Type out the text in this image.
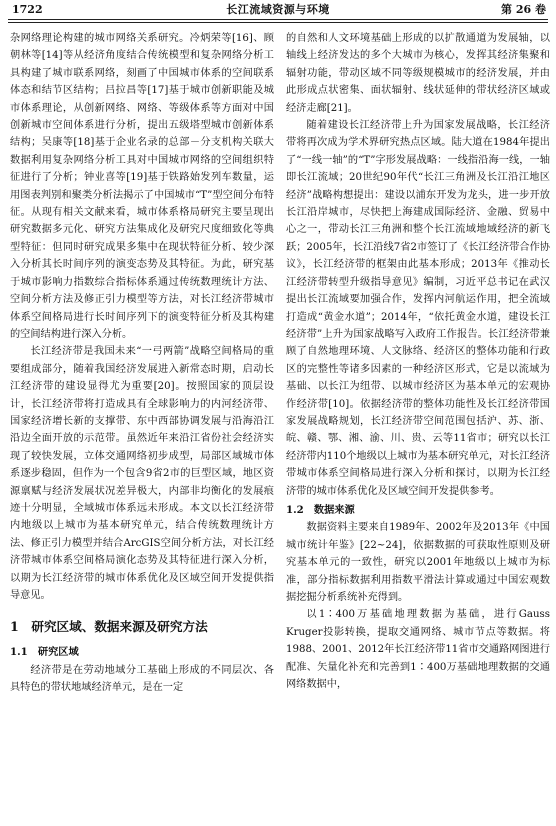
1722	长江流域资源与环境	第 26 卷

杂网络理论构建的城市网络关系研究。冷炳荣等[16]、顾朝林等[14]等从经济角度结合传统模型和复杂网络分析工具构建了城市联系网络，刻画了中国城市体系的空间联系体态和结节区结构；吕拉昌等[17]基于城市创新职能及城市体系理论，从创新网络、网络、等级体系等方面对中国创新城市空间体系进行分析，提出五级塔型城市创新体系结构；吴康等[18]基于企业名录的总部－分支机构关联大数据利用复杂网络分析工具对中国城市网络的空间组织特征进行了分析；钟业喜等[19]基于铁路始发列车数量，运用图表判别和聚类分析法揭示了中国城市“T”型空间分布特征。从现有相关文献来看，城市体系格局研究主要呈现出研究数据多元化、研究方法集成化及研究尺度细致化等典型特征：但同时研究成果多集中在现状特征分析、较少深入分析其长时间序列的演变态势及其特征。为此，研究基于城市影响力指数综合指标体系通过传统数理统计方法、空间分析方法及修正引力模型等方法，对长江经济带城市体系空间格局进行长时间序列下的演变特征分析及其构建的空间结构进行深入分析。

长江经济带是我国未来“一弓两箭”战略空间格局的重要组成部分，随着我国经济发展进入新常态时期，启动长江经济带的建设显得尤为重要[20]。按照国家的顶层设计，长江经济带将打造成具有全球影响力的内河经济带、国家经济增长新的支撑带、东中西部协调发展与沿海沿江沿边全面开放的示范带。虽然近年来沿江省份社会经济实现了较快发展，立体交通网络初步成型，局部区域城市体系逐步稳固，但作为一个包含9省2市的巨型区域，地区资源禀赋与经济发展状况差异极大，内部非均衡化的发展痕迹十分明显，全域城市体系远未形成。本文以长江经济带内地级以上城市为基本研究单元，结合传统数理统计方法、修正引力模型并结合ArcGIS空间分析方法，对长江经济带城市体系空间格局演化态势及其特征进行深入分析，以期为长江经济带的城市体系优化及区域空间开发提供指导意见。

1　研究区域、数据来源及研究方法

1.1　研究区域

经济带是在劳动地域分工基础上形成的不同层次、各具特色的带状地域经济单元，是在一定

的自然和人文环境基础上形成的以扩散通道为发展轴，以轴线上经济发达的多个大城市为核心，发挥其经济集聚和辐射功能，带动区域不同等级规模城市的经济发展，并由此形成点状密集、面状辐射、线状延伸的带状经济区域或经济走廊[21]。

随着建设长江经济带上升为国家发展战略，长江经济带将再次成为学术界研究热点区域。陆大道在1984年提出了“一线一轴”的“T”字形发展战略：一线指沿海一线，一轴即长江流域；20世纪90年代“长江三角洲及长江沿江地区经济”战略构想提出：建设以浦东开发为龙头，进一步开放长江沿岸城市，尽快把上海建成国际经济、金融、贸易中心之一，带动长江三角洲和整个长江流域地域经济的新飞跃；2005年，长江沿线7省2市签订了《长江经济带合作协议》，长江经济带的框架由此基本形成；2013年《推动长江经济带转型升级指导意见》编制，习近平总书记在武汉提出长江流域要加强合作，发挥内河航运作用，把全流域打造成“黄金水道”；2014年，“依托黄金水道，建设长江经济带”上升为国家战略写入政府工作报告。长江经济带兼顾了自然地理环境、人文脉络、经济区的整体功能和行政区的完整性等诸多因素的一种经济区形式，它是以流域为基础、以长江为纽带、以城市经济区为基本单元的宏观协作经济带[10]。依据经济带的整体功能性及长江经济带国家发展战略规划，长江经济带空间范围包括沪、苏、浙、皖、赣、鄂、湘、渝、川、贵、云等11省市；研究以长江经济带内110个地级以上城市为基本研究单元，对长江经济带城市体系空间格局进行深入分析和探讨，以期为长江经济带的城市体系优化及区域空间开发提供参考。

1.2　数据来源

数据资料主要来自1989年、2002年及2013年《中国城市统计年鉴》[22~24]，依据数据的可获取性原则及研究基本单元的一致性，研究以2001年地级以上城市为标准，部分指标数据利用指数平滑法计算或通过中国宏观数据挖掘分析系统补充得到。

以1∶400万基础地理数据为基础，进行Gauss Kruger投影转换，提取交通网络、城市节点等数据。将1988、2001、2012年长江经济带11省市交通路网图进行配准、矢量化补充和完善到1∶400万基础地理数据的交通网络数据中，
